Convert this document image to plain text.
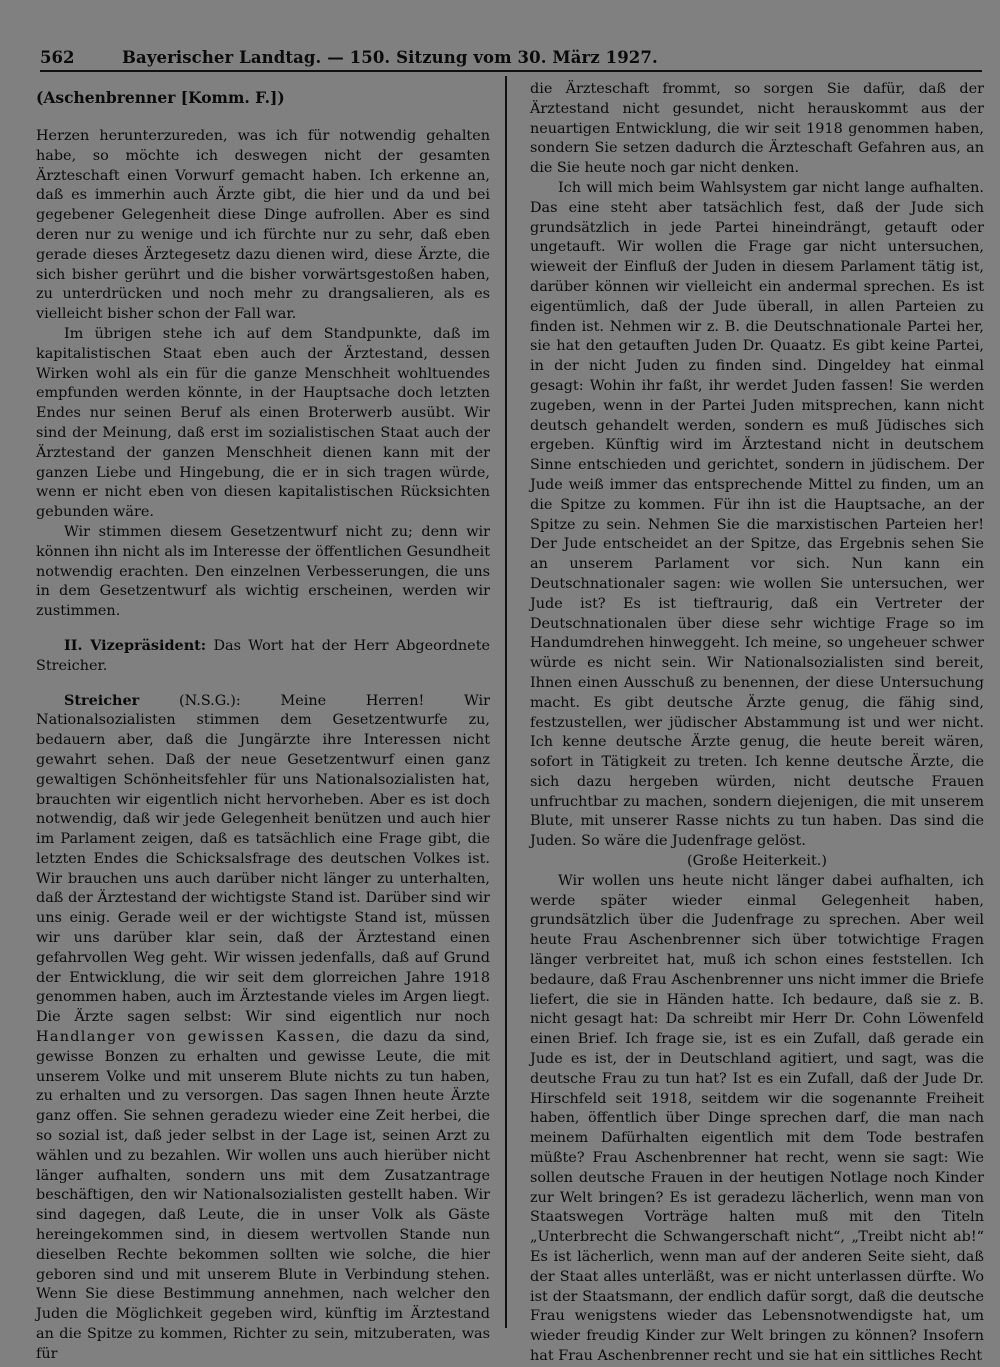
562	Bayerischer Landtag. — 150. Sitzung vom 30. März 1927.
(Aschenbrenner [Komm. F.])

Herzen herunterzureden, was ich für notwendig gehalten habe, so möchte ich deswegen nicht der gesamten Ärzteschaft einen Vorwurf gemacht haben. Ich erkenne an, daß es immerhin auch Ärzte gibt, die hier und da und bei gegebener Gelegenheit diese Dinge aufrollen. Aber es sind deren nur zu wenige und ich fürchte nur zu sehr, daß eben gerade dieses Ärztegesetz dazu dienen wird, diese Ärzte, die sich bisher gerührt und die bisher vorwärtsgestoßen haben, zu unterdrücken und noch mehr zu drangsalieren, als es vielleicht bisher schon der Fall war.

Im übrigen stehe ich auf dem Standpunkte, daß im kapitalistischen Staat eben auch der Ärztestand, dessen Wirken wohl als ein für die ganze Menschheit wohltuendes empfunden werden könnte, in der Hauptsache doch letzten Endes nur seinen Beruf als einen Broterwerb ausübt. Wir sind der Meinung, daß erst im sozialistischen Staat auch der Ärztestand der ganzen Menschheit dienen kann mit der ganzen Liebe und Hingebung, die er in sich tragen würde, wenn er nicht eben von diesen kapitalistischen Rücksichten gebunden wäre.

Wir stimmen diesem Gesetzentwurf nicht zu; denn wir können ihn nicht als im Interesse der öffentlichen Gesundheit notwendig erachten. Den einzelnen Verbesserungen, die uns in dem Gesetzentwurf als wichtig erscheinen, werden wir zustimmen.

II. Vizepräsident: Das Wort hat der Herr Abgeordnete Streicher.

Streicher	(N.S.G.):	Meine Herren! Wir Nationalsozialisten stimmen dem Gesetzentwurfe zu, bedauern aber, daß die Jungärzte ihre Interessen nicht gewahrt sehen. Daß der neue Gesetzentwurf einen ganz gewaltigen Schönheitsfehler für uns Nationalsozialisten hat, brauchten wir eigentlich nicht hervorheben. Aber es ist doch notwendig, daß wir jede Gelegenheit benützen und auch hier im Parlament zeigen, daß es tatsächlich eine Frage gibt, die letzten Endes die Schicksalsfrage des deutschen Volkes ist. Wir brauchen uns auch darüber nicht länger zu unterhalten, daß der Ärztestand der wichtigste Stand ist. Darüber sind wir uns einig. Gerade weil er der wichtigste Stand ist, müssen wir uns darüber klar sein, daß der Ärztestand einen gefahrvollen Weg geht. Wir wissen jedenfalls, daß auf Grund der Entwicklung, die wir seit dem glorreichen Jahre 1918 genommen haben, auch im Ärztestande vieles im Argen liegt. Die Ärzte sagen selbst: Wir sind eigentlich nur noch Handlanger von gewissen Kassen, die dazu da sind, gewisse Bonzen zu erhalten und gewisse Leute, die mit unserem Volke und mit unserem Blute nichts zu tun haben, zu erhalten und zu versorgen. Das sagen Ihnen heute Ärzte ganz offen. Sie sehnen geradezu wieder eine Zeit herbei, die so sozial ist, daß jeder selbst in der Lage ist, seinen Arzt zu wählen und zu bezahlen. Wir wollen uns auch hierüber nicht länger aufhalten, sondern uns mit dem Zusatzantrage beschäftigen, den wir Nationalsozialisten gestellt haben. Wir sind dagegen, daß Leute, die in unser Volk als Gäste hereingekommen sind, in diesem wertvollen Stande nun dieselben Rechte bekommen sollten wie solche, die hier geboren sind und mit unserem Blute in Verbindung stehen. Wenn Sie diese Bestimmung annehmen, nach welcher den Juden die Möglichkeit gegeben wird, künftig im Ärztestand an die Spitze zu kommen, Richter zu sein, mitzuberaten, was für

die Ärzteschaft frommt, so sorgen Sie dafür, daß der Ärztestand nicht gesundet, nicht herauskommt aus der neuartigen Entwicklung, die wir seit 1918 genommen haben, sondern Sie setzen dadurch die Ärzteschaft Gefahren aus, an die Sie heute noch gar nicht denken.

Ich will mich beim Wahlsystem gar nicht lange aufhalten. Das eine steht aber tatsächlich fest, daß der Jude sich grundsätzlich in jede Partei hineindrängt, getauft oder ungetauft. Wir wollen die Frage gar nicht untersuchen, wieweit der Einfluß der Juden in diesem Parlament tätig ist, darüber können wir vielleicht ein andermal sprechen. Es ist eigentümlich, daß der Jude überall, in allen Parteien zu finden ist. Nehmen wir z. B. die Deutschnationale Partei her, sie hat den getauften Juden Dr. Quaatz. Es gibt keine Partei, in der nicht Juden zu finden sind. Dingeldey hat einmal gesagt: Wohin ihr faßt, ihr werdet Juden fassen! Sie werden zugeben, wenn in der Partei Juden mitsprechen, kann nicht deutsch gehandelt werden, sondern es muß Jüdisches sich ergeben. Künftig wird im Ärztestand nicht in deutschem Sinne entschieden und gerichtet, sondern in jüdischem. Der Jude weiß immer das entsprechende Mittel zu finden, um an die Spitze zu kommen. Für ihn ist die Hauptsache, an der Spitze zu sein. Nehmen Sie die marxistischen Parteien her! Der Jude entscheidet an der Spitze, das Ergebnis sehen Sie an unserem Parlament vor sich. Nun kann ein Deutschnationaler sagen: wie wollen Sie untersuchen, wer Jude ist? Es ist tieftraurig, daß ein Vertreter der Deutschnationalen über diese sehr wichtige Frage so im Handumdrehen hinweggeht. Ich meine, so ungeheuer schwer würde es nicht sein. Wir Nationalsozialisten sind bereit, Ihnen einen Ausschuß zu benennen, der diese Untersuchung macht. Es gibt deutsche Ärzte genug, die fähig sind, festzustellen, wer jüdischer Abstammung ist und wer nicht. Ich kenne deutsche Ärzte genug, die heute bereit wären, sofort in Tätigkeit zu treten. Ich kenne deutsche Ärzte, die sich dazu hergeben würden, nicht deutsche Frauen unfruchtbar zu machen, sondern diejenigen, die mit unserem Blute, mit unserer Rasse nichts zu tun haben. Das sind die Juden. So wäre die Judenfrage gelöst.

(Große Heiterkeit.)

Wir wollen uns heute nicht länger dabei aufhalten, ich werde später wieder einmal Gelegenheit haben, grundsätzlich über die Judenfrage zu sprechen. Aber weil heute Frau Aschenbrenner sich über totwichtige Fragen länger verbreitet hat, muß ich schon eines feststellen. Ich bedaure, daß Frau Aschenbrenner uns nicht immer die Briefe liefert, die sie in Händen hatte. Ich bedaure, daß sie z. B. nicht gesagt hat: Da schreibt mir Herr Dr. Cohn Löwenfeld einen Brief. Ich frage sie, ist es ein Zufall, daß gerade ein Jude es ist, der in Deutschland agitiert, und sagt, was die deutsche Frau zu tun hat? Ist es ein Zufall, daß der Jude Dr. Hirschfeld seit 1918, seitdem wir die sogenannte Freiheit haben, öffentlich über Dinge sprechen darf, die man nach meinem Dafürhalten eigentlich mit dem Tode bestrafen müßte? Frau Aschenbrenner hat recht, wenn sie sagt: Wie sollen deutsche Frauen in der heutigen Notlage noch Kinder zur Welt bringen? Es ist geradezu lächerlich, wenn man von Staatswegen Vorträge halten muß mit den Titeln „Unterbrecht die Schwangerschaft nicht“, „Treibt nicht ab!“ Es ist lächerlich, wenn man auf der anderen Seite sieht, daß der Staat alles unterläßt, was er nicht unterlassen dürfte. Wo ist der Staatsmann, der endlich dafür sorgt, daß die deutsche Frau wenigstens wieder das Lebensnotwendigste hat, um wieder freudig Kinder zur Welt bringen zu können? Insofern hat Frau Aschenbrenner recht und sie hat ein sittliches Recht
